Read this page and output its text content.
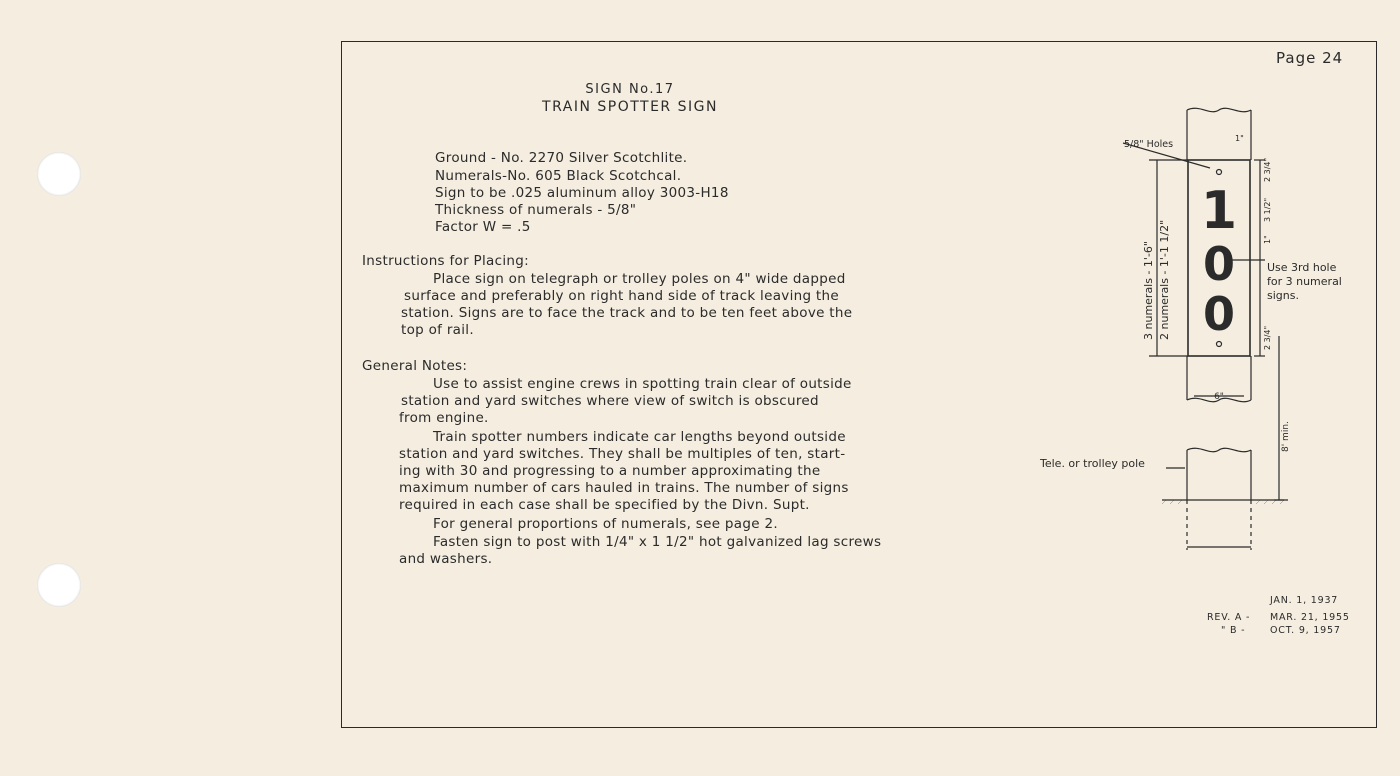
Page 24
SIGN No.17
TRAIN SPOTTER SIGN
Ground - No. 2270 Silver Scotchlite.
Numerals-No. 605 Black Scotchcal.
Sign to be .025 aluminum alloy 3003-H18
Thickness of numerals - 5/8"
Factor W = .5
Instructions for Placing:
Place sign on telegraph or trolley poles on 4" wide dapped
surface and preferably on right hand side of track leaving the
station. Signs are to face the track and to be ten feet above the
top of rail.
General Notes:
Use to assist engine crews in spotting train clear of outside
station and yard switches where view of switch is obscured
from engine.
Train spotter numbers indicate car lengths beyond outside
station and yard switches. They shall be multiples of ten, start-
ing with 30 and progressing to a number approximating the
maximum number of cars hauled in trains. The number of signs
required in each case shall be specified by the Divn. Supt.
For general proportions of numerals, see page 2.
Fasten sign to post with 1/4" x 1 1/2" hot galvanized lag screws
and washers.
1
0
0
5/8" Holes
1"
2 3/4"
3 1/2"
1"
2 3/4"
3 numerals - 1'-6" 2 numerals - 1'-1 1/2"
6"
8' min.
Use 3rd hole
for 3 numeral
signs.
Tele. or trolley pole
JAN. 1, 1937
REV. A - MAR. 21, 1955
" B -	OCT. 9, 1957
